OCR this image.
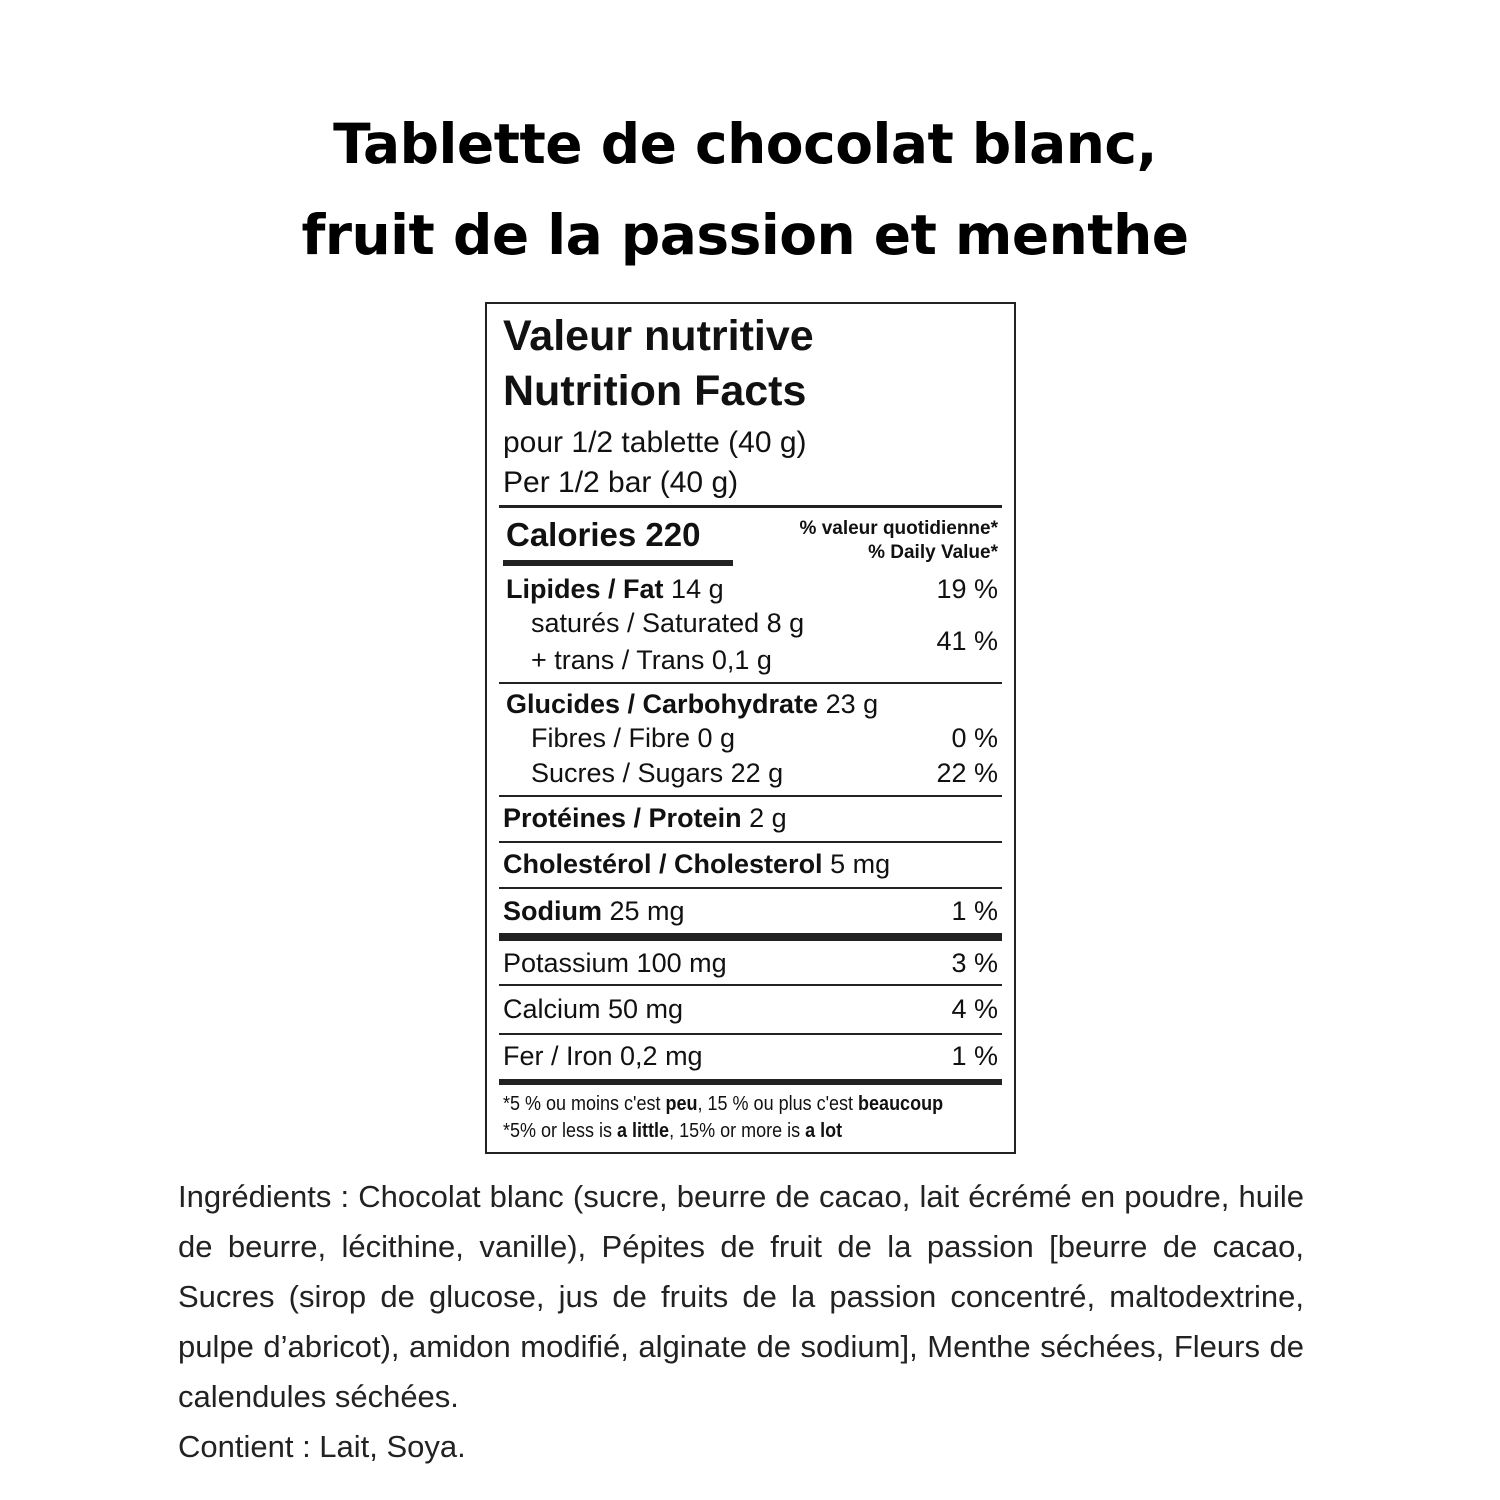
Tablette de chocolat blanc,
fruit de la passion et menthe
Valeur nutritive
Nutrition Facts
pour 1/2 tablette (40 g)
Per 1/2 bar (40 g)
Calories 220	% valeur quotidienne*
% Daily Value*
Lipides / Fat 14 g	19 %
saturés / Saturated 8 g
+ trans / Trans 0,1 g
41 %
Glucides / Carbohydrate 23 g
Fibres / Fibre 0 g	0 %
Sucres / Sugars 22 g	22 %
Protéines / Protein 2 g
Cholestérol / Cholesterol 5 mg
Sodium 25 mg	1 %
Potassium 100 mg	3 %
Calcium 50 mg	4 %
Fer / Iron 0,2 mg	1 %
*5 % ou moins c'est peu, 15 % ou plus c'est beaucoup
*5% or less is a little, 15% or more is a lot
Ingrédients : Chocolat blanc (sucre, beurre de cacao, lait écrémé en poudre, huile de beurre, lécithine, vanille), Pépites de fruit de la passion [beurre de cacao, Sucres (sirop de glucose, jus de fruits de la passion concentré, maltodextrine, pulpe d’abricot), amidon modifié, alginate de sodium], Menthe séchées, Fleurs de calendules séchées.
Contient : Lait, Soya.
